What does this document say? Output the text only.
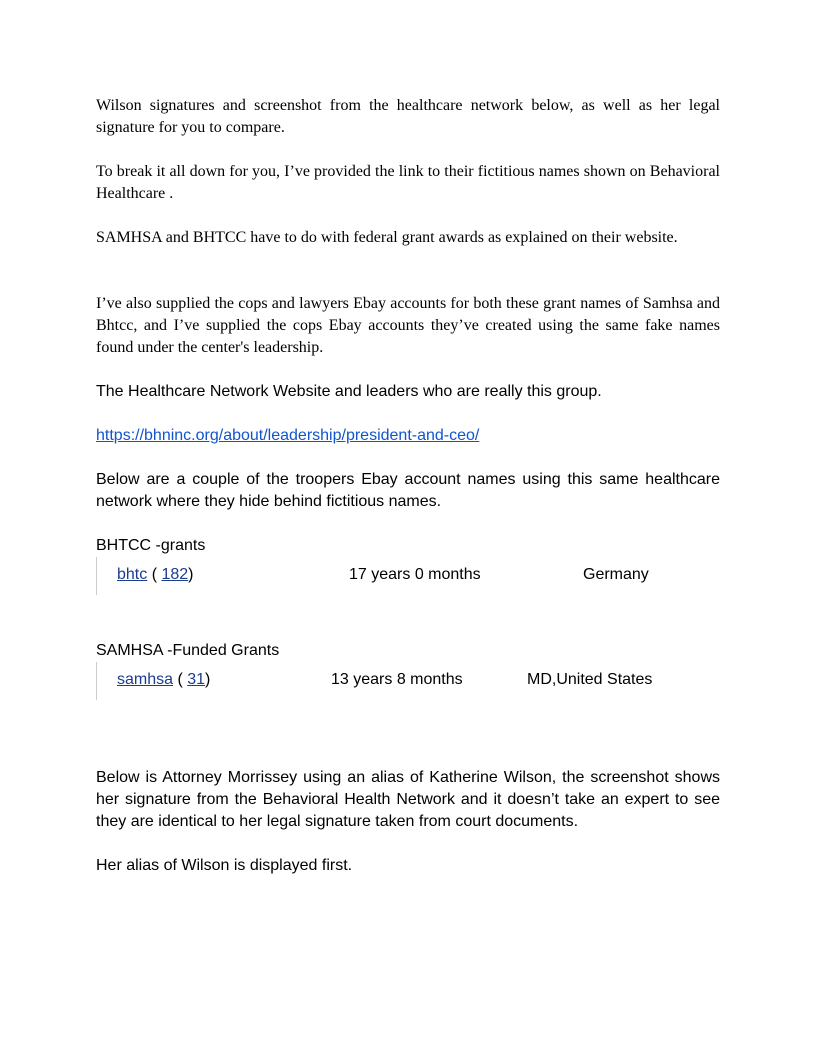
Wilson signatures and screenshot from the healthcare network below, as well as her legal signature for you to compare.

To break it all down for you, I’ve provided the link to their fictitious names shown on Behavioral Healthcare .

SAMHSA and BHTCC have to do with federal grant awards as explained on their website.

I’ve also supplied the cops and lawyers Ebay accounts for both these grant names of Samhsa and Bhtcc, and I’ve supplied the cops Ebay accounts they’ve created using the same fake names found under the center's leadership.

The Healthcare Network Website and leaders who are really this group.

https://bhninc.org/about/leadership/president-and-ceo/

Below are a couple of the troopers Ebay account names using this same healthcare network where they hide behind fictitious names.

BHTCC -grants

bhtc ( 182)	17 years 0 months	Germany

SAMHSA -Funded Grants

samhsa ( 31)	13 years 8 months	MD,United States

Below is Attorney Morrissey using an alias of Katherine Wilson, the screenshot shows her signature from the Behavioral Health Network and it doesn’t take an expert to see they are identical to her legal signature taken from court documents.

Her alias of Wilson is displayed first.
